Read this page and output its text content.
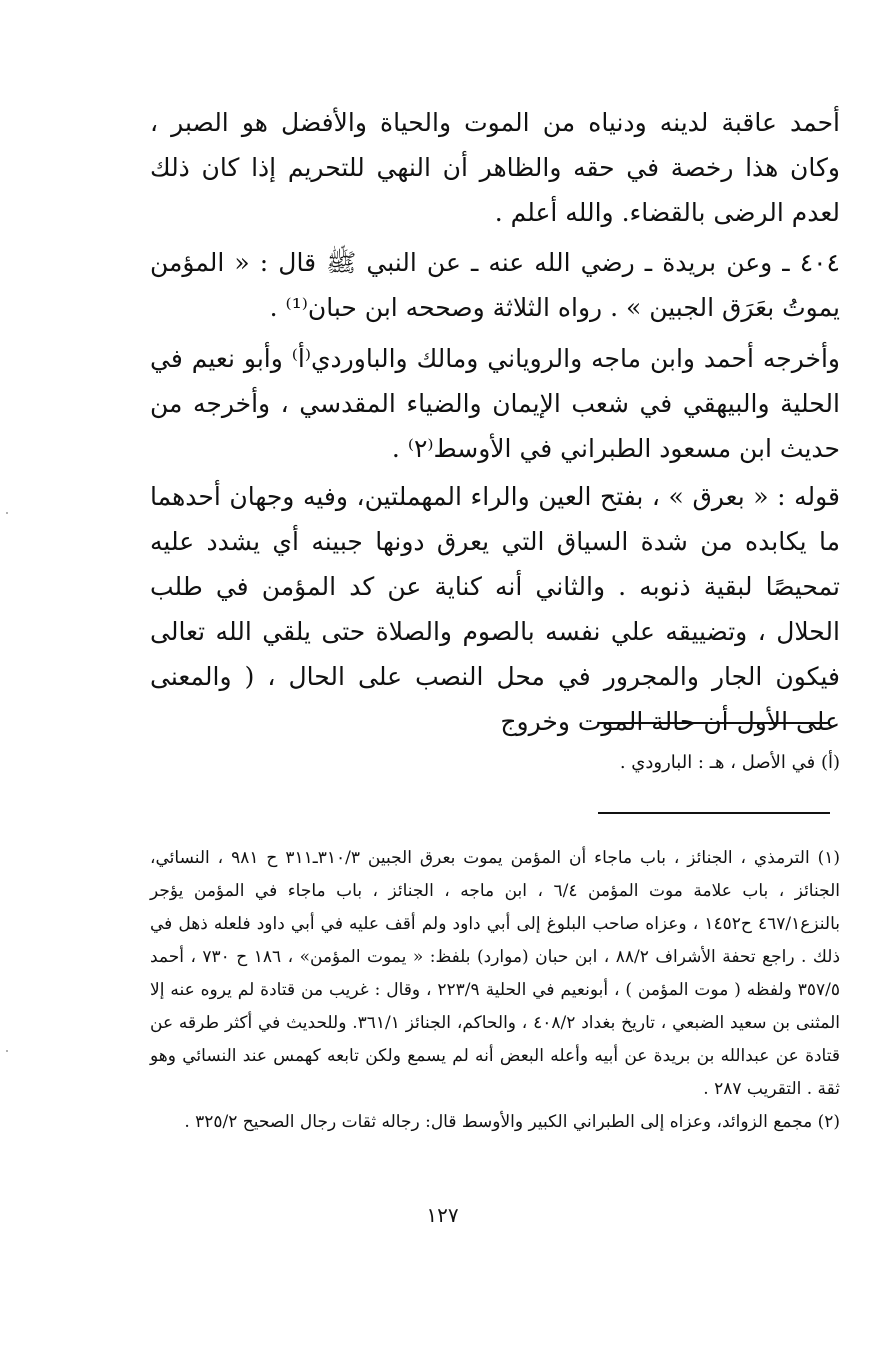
أحمد عاقبة لدينه ودنياه من الموت والحياة والأفضل هو الصبر ، وكان هذا رخصة في حقه والظاهر أن النهي للتحريم إذا كان ذلك لعدم الرضى بالقضاء. والله أعلم .

٤٠٤ ـ وعن بريدة ـ رضي الله عنه ـ عن النبي ﷺ قال : « المؤمن يموتُ بعَرَق الجبين » . رواه الثلاثة وصححه ابن حبان⁽¹⁾ .

وأخرجه أحمد وابن ماجه والروياني ومالك والباوردي⁽أ⁾ وأبو نعيم في الحلية والبيهقي في شعب الإيمان والضياء المقدسي ، وأخرجه من حديث ابن مسعود الطبراني في الأوسط⁽٢⁾ .

قوله : « بعرق » ، بفتح العين والراء المهملتين، وفيه وجهان أحدهما ما يكابده من شدة السياق التي يعرق دونها جبينه أي يشدد عليه تمحيصًا لبقية ذنوبه . والثاني أنه كناية عن كد المؤمن في طلب الحلال ، وتضييقه علي نفسه بالصوم والصلاة حتى يلقي الله تعالى فيكون الجار والمجرور في محل النصب على الحال ، ( والمعنى على الأول أن حالة الموت وخروج

(أ) في الأصل ، هـ : البارودي .

(١) الترمذي ، الجنائز ، باب ماجاء أن المؤمن يموت بعرق الجبين ٣١٠/٣ـ٣١١ ح ٩٨١ ، النسائي، الجنائز ، باب علامة موت المؤمن ٦/٤ ، ابن ماجه ، الجنائز ، باب ماجاء في المؤمن يؤجر بالنزع٤٦٧/١ ح١٤٥٢ ، وعزاه صاحب البلوغ إلى أبي داود ولم أقف عليه في أبي داود فلعله ذهل في ذلك . راجع تحفة الأشراف ٨٨/٢ ، ابن حبان (موارد) بلفظ: « يموت المؤمن» ، ١٨٦ ح ٧٣٠ ، أحمد ٣٥٧/٥ ولفظه ( موت المؤمن ) ، أبونعيم في الحلية ٢٢٣/٩ ، وقال : غريب من قتادة لم يروه عنه إلا المثنى بن سعيد الضبعي ، تاريخ بغداد ٤٠٨/٢ ، والحاكم، الجنائز ٣٦١/١. وللحديث في أكثر طرقه عن قتادة عن عبدالله بن بريدة عن أبيه وأعله البعض أنه لم يسمع ولكن تابعه كهمس عند النسائي وهو ثقة . التقريب ٢٨٧ .

(٢) مجمع الزوائد، وعزاه إلى الطبراني الكبير والأوسط قال: رجاله ثقات رجال الصحيح ٣٢٥/٢ .

١٢٧
